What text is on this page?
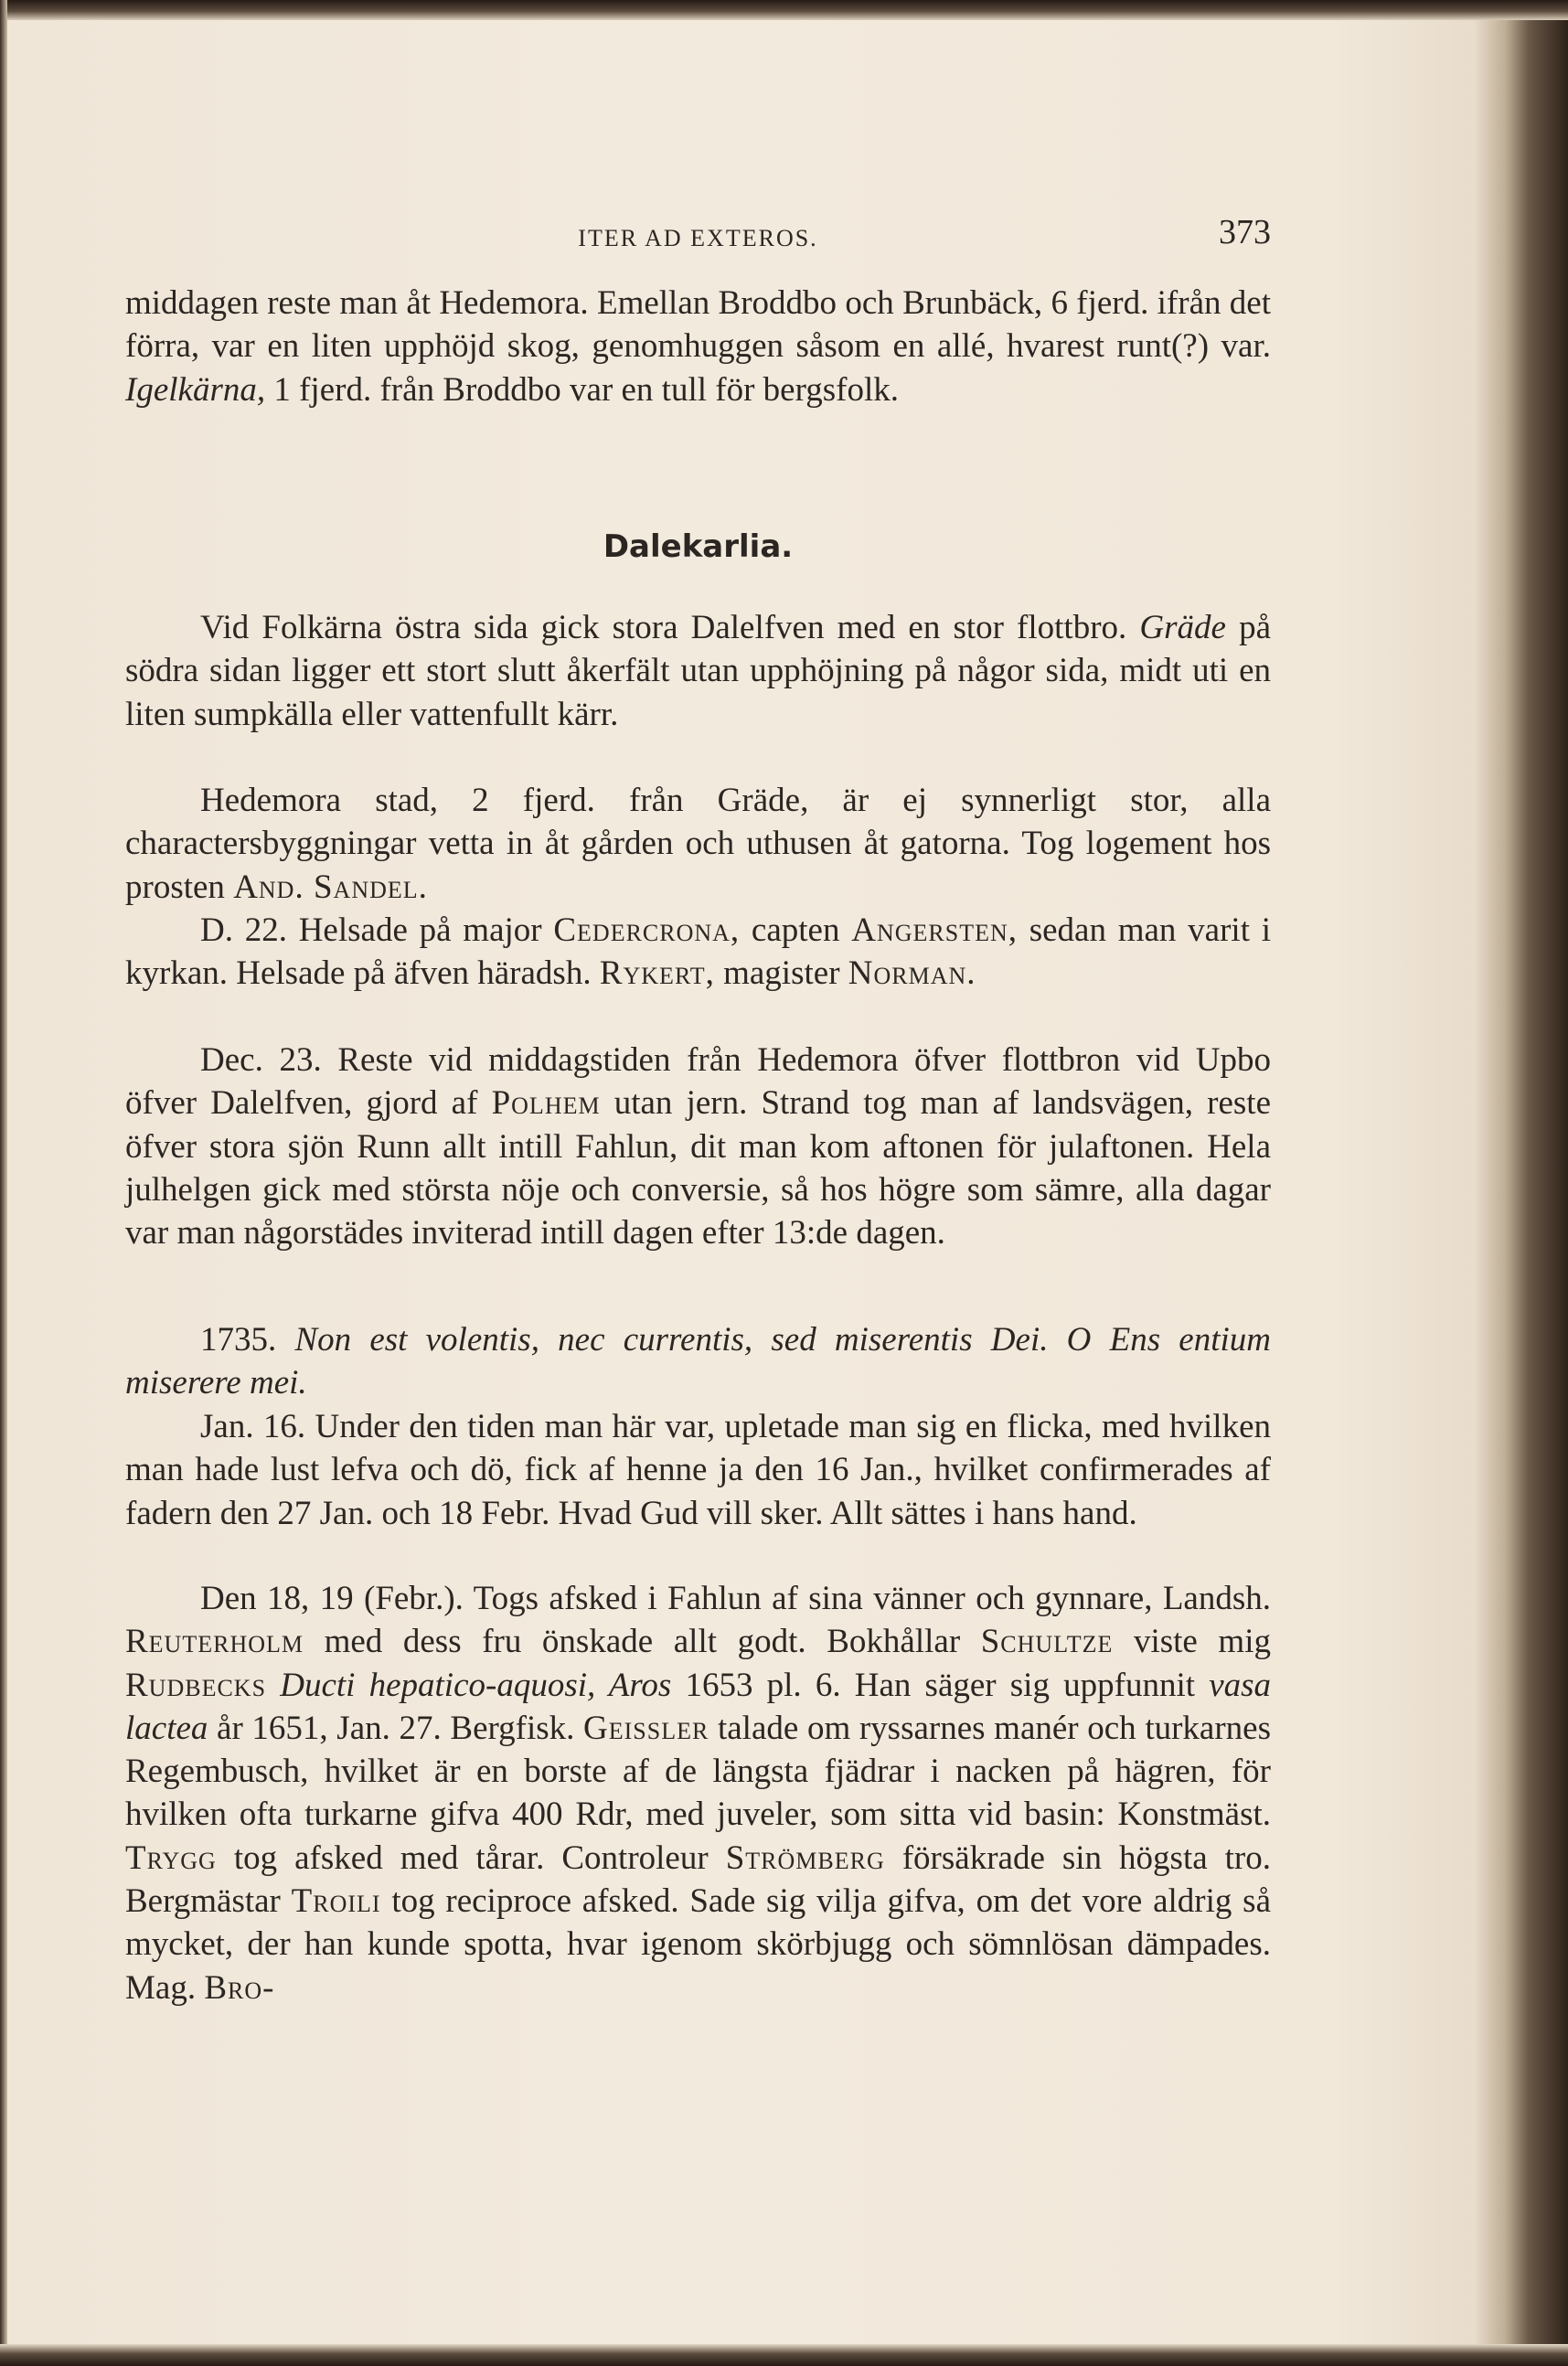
ITER AD EXTEROS.	373

middagen reste man åt Hedemora. Emellan Broddbo och Brunbäck, 6 fjerd. ifrån det förra, var en liten upphöjd skog, genomhuggen såsom en allé, hvarest runt(?) var. Igelkärna, 1 fjerd. från Broddbo var en tull för bergsfolk.

Dalekarlia.

Vid Folkärna östra sida gick stora Dalelfven med en stor flottbro. Gräde på södra sidan ligger ett stort slutt åkerfält utan upphöjning på någor sida, midt uti en liten sumpkälla eller vattenfullt kärr.

Hedemora stad, 2 fjerd. från Gräde, är ej synnerligt stor, alla charactersbyggningar vetta in åt gården och uthusen åt gatorna. Tog logement hos prosten And. Sandel.

D. 22. Helsade på major Cedercrona, capten Angersten, sedan man varit i kyrkan. Helsade på äfven häradsh. Rykert, magister Norman.

Dec. 23. Reste vid middagstiden från Hedemora öfver flottbron vid Upbo öfver Dalelfven, gjord af Polhem utan jern. Strand tog man af landsvägen, reste öfver stora sjön Runn allt intill Fahlun, dit man kom aftonen för julaftonen. Hela julhelgen gick med största nöje och conversie, så hos högre som sämre, alla dagar var man någorstädes inviterad intill dagen efter 13:de dagen.

1735. Non est volentis, nec currentis, sed miserentis Dei. O Ens entium miserere mei.

Jan. 16. Under den tiden man här var, upletade man sig en flicka, med hvilken man hade lust lefva och dö, fick af henne ja den 16 Jan., hvilket confirmerades af fadern den 27 Jan. och 18 Febr. Hvad Gud vill sker. Allt sättes i hans hand.

Den 18, 19 (Febr.). Togs afsked i Fahlun af sina vänner och gynnare, Landsh. Reuterholm med dess fru önskade allt godt. Bokhållar Schultze viste mig Rudbecks Ducti hepatico-aquosi, Aros 1653 pl. 6. Han säger sig uppfunnit vasa lactea år 1651, Jan. 27. Bergfisk. Geissler talade om ryssarnes manér och turkarnes Regembusch, hvilket är en borste af de längsta fjädrar i nacken på hägren, för hvilken ofta turkarne gifva 400 Rdr, med juveler, som sitta vid basin: Konstmäst. Trygg tog afsked med tårar. Controleur Strömberg försäkrade sin högsta tro. Bergmästar Troili tog reciproce afsked. Sade sig vilja gifva, om det vore aldrig så mycket, der han kunde spotta, hvar igenom skörbjugg och sömnlösan dämpades. Mag. Bro-
